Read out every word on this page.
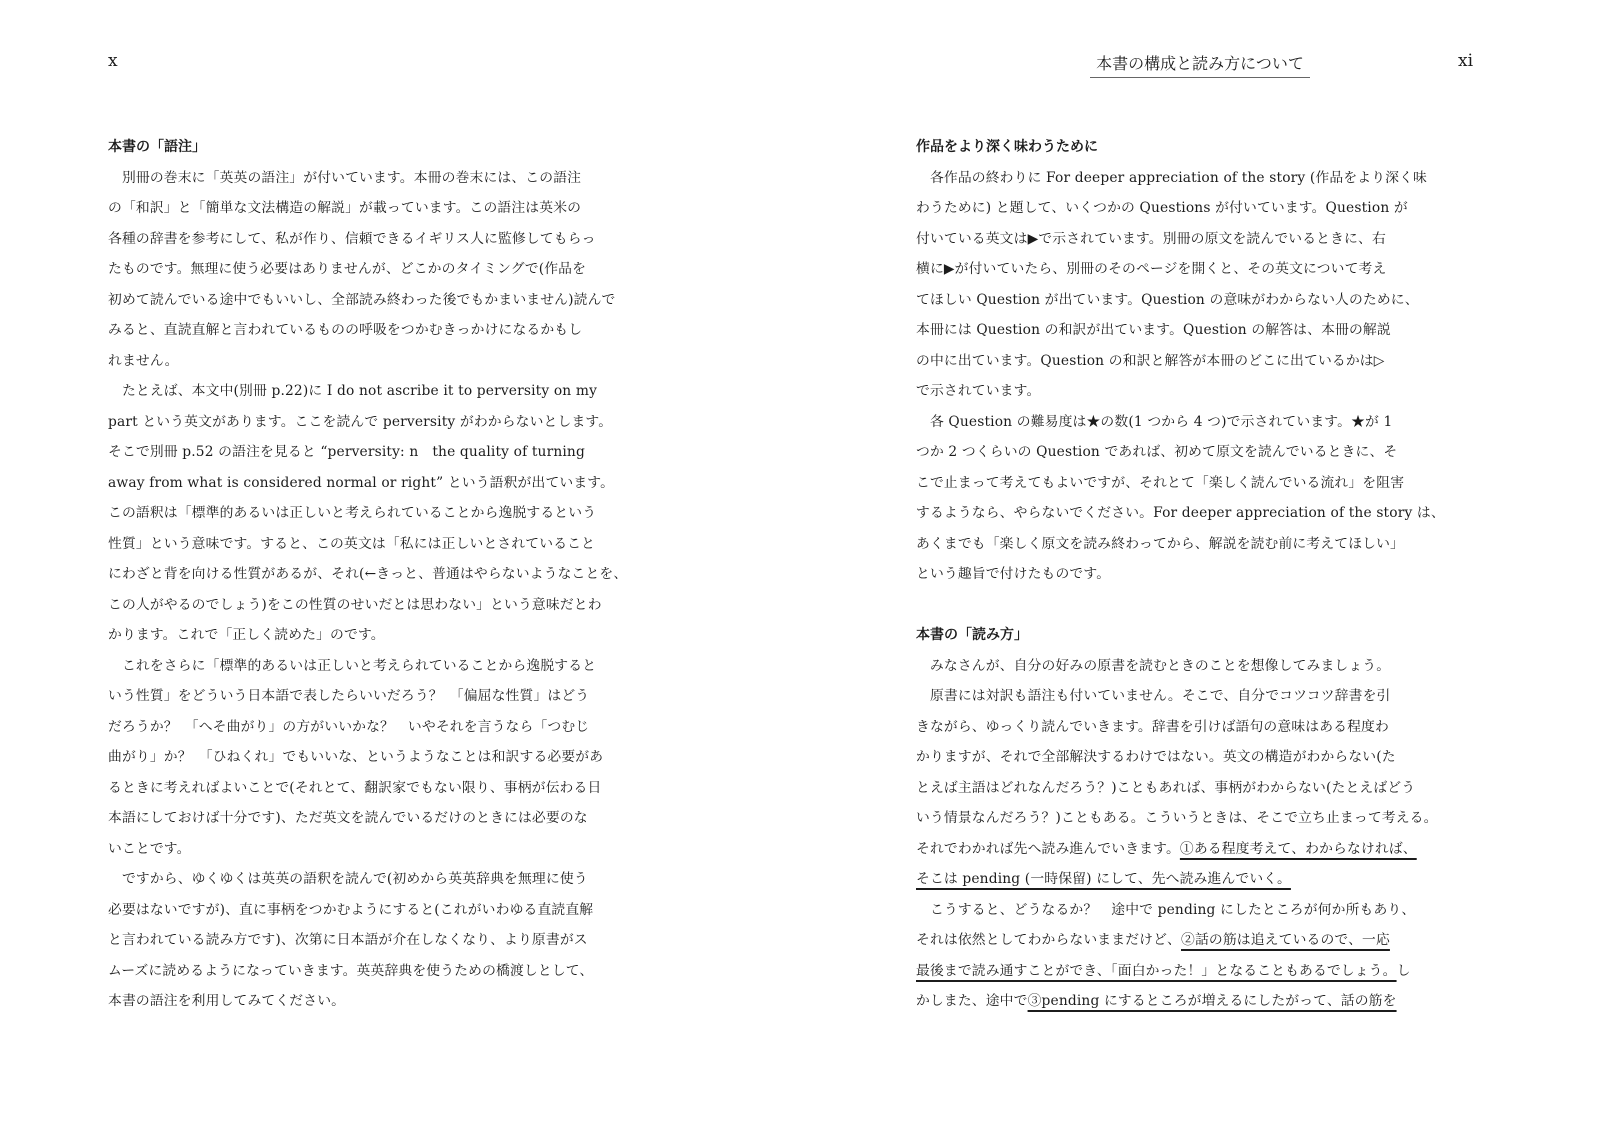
x
本書の「語注」
　別冊の巻末に「英英の語注」が付いています。本冊の巻末には、この語注
の「和訳」と「簡単な文法構造の解説」が載っています。この語注は英米の
各種の辞書を参考にして、私が作り、信頼できるイギリス人に監修してもらっ
たものです。無理に使う必要はありませんが、どこかのタイミングで(作品を
初めて読んでいる途中でもいいし、全部読み終わった後でもかまいません)読んで
みると、直読直解と言われているものの呼吸をつかむきっかけになるかもし
れません。
　たとえば、本文中(別冊 p.22)に I do not ascribe it to perversity on my
part という英文があります。ここを読んで perversity がわからないとします。
そこで別冊 p.52 の語注を見ると “perversity: n　the quality of turning
away from what is considered normal or right” という語釈が出ています。
この語釈は「標準的あるいは正しいと考えられていることから逸脱するという
性質」という意味です。すると、この英文は「私には正しいとされていること
にわざと背を向ける性質があるが、それ(←きっと、普通はやらないようなことを、
この人がやるのでしょう)をこの性質のせいだとは思わない」という意味だとわ
かります。これで「正しく読めた」のです。
　これをさらに「標準的あるいは正しいと考えられていることから逸脱すると
いう性質」をどういう日本語で表したらいいだろう？　「偏屈な性質」はどう
だろうか？　「へそ曲がり」の方がいいかな？　いやそれを言うなら「つむじ
曲がり」か？　「ひねくれ」でもいいな、というようなことは和訳する必要があ
るときに考えればよいことで(それとて、翻訳家でもない限り、事柄が伝わる日
本語にしておけば十分です)、ただ英文を読んでいるだけのときには必要のな
いことです。
　ですから、ゆくゆくは英英の語釈を読んで(初めから英英辞典を無理に使う
必要はないですが)、直に事柄をつかむようにすると(これがいわゆる直読直解
と言われている読み方です)、次第に日本語が介在しなくなり、より原書がス
ムーズに読めるようになっていきます。英英辞典を使うための橋渡しとして、
本書の語注を利用してみてください。
本書の構成と読み方について	xi
作品をより深く味わうために
　各作品の終わりに For deeper appreciation of the story (作品をより深く味
わうために) と題して、いくつかの Questions が付いています。Question が
付いている英文は▶で示されています。別冊の原文を読んでいるときに、右
横に▶が付いていたら、別冊のそのページを開くと、その英文について考え
てほしい Question が出ています。Question の意味がわからない人のために、
本冊には Question の和訳が出ています。Question の解答は、本冊の解説
の中に出ています。Question の和訳と解答が本冊のどこに出ているかは▷
で示されています。
　各 Question の難易度は★の数(1 つから 4 つ)で示されています。★が 1
つか 2 つくらいの Question であれば、初めて原文を読んでいるときに、そ
こで止まって考えてもよいですが、それとて「楽しく読んでいる流れ」を阻害
するようなら、やらないでください。For deeper appreciation of the story は、
あくまでも「楽しく原文を読み終わってから、解説を読む前に考えてほしい」
という趣旨で付けたものです。
本書の「読み方」
　みなさんが、自分の好みの原書を読むときのことを想像してみましょう。
　原書には対訳も語注も付いていません。そこで、自分でコツコツ辞書を引
きながら、ゆっくり読んでいきます。辞書を引けば語句の意味はある程度わ
かりますが、それで全部解決するわけではない。英文の構造がわからない(た
とえば主語はどれなんだろう？)こともあれば、事柄がわからない(たとえばどう
いう情景なんだろう？)こともある。こういうときは、そこで立ち止まって考える。
それでわかれば先へ読み進んでいきます。①ある程度考えて、わからなければ、
そこは pending (一時保留) にして、先へ読み進んでいく。
　こうすると、どうなるか？　途中で pending にしたところが何か所もあり、
それは依然としてわからないままだけど、②話の筋は追えているので、一応
最後まで読み通すことができ、「面白かった！」となることもあるでしょう。し
かしまた、途中で③pending にするところが増えるにしたがって、話の筋を
